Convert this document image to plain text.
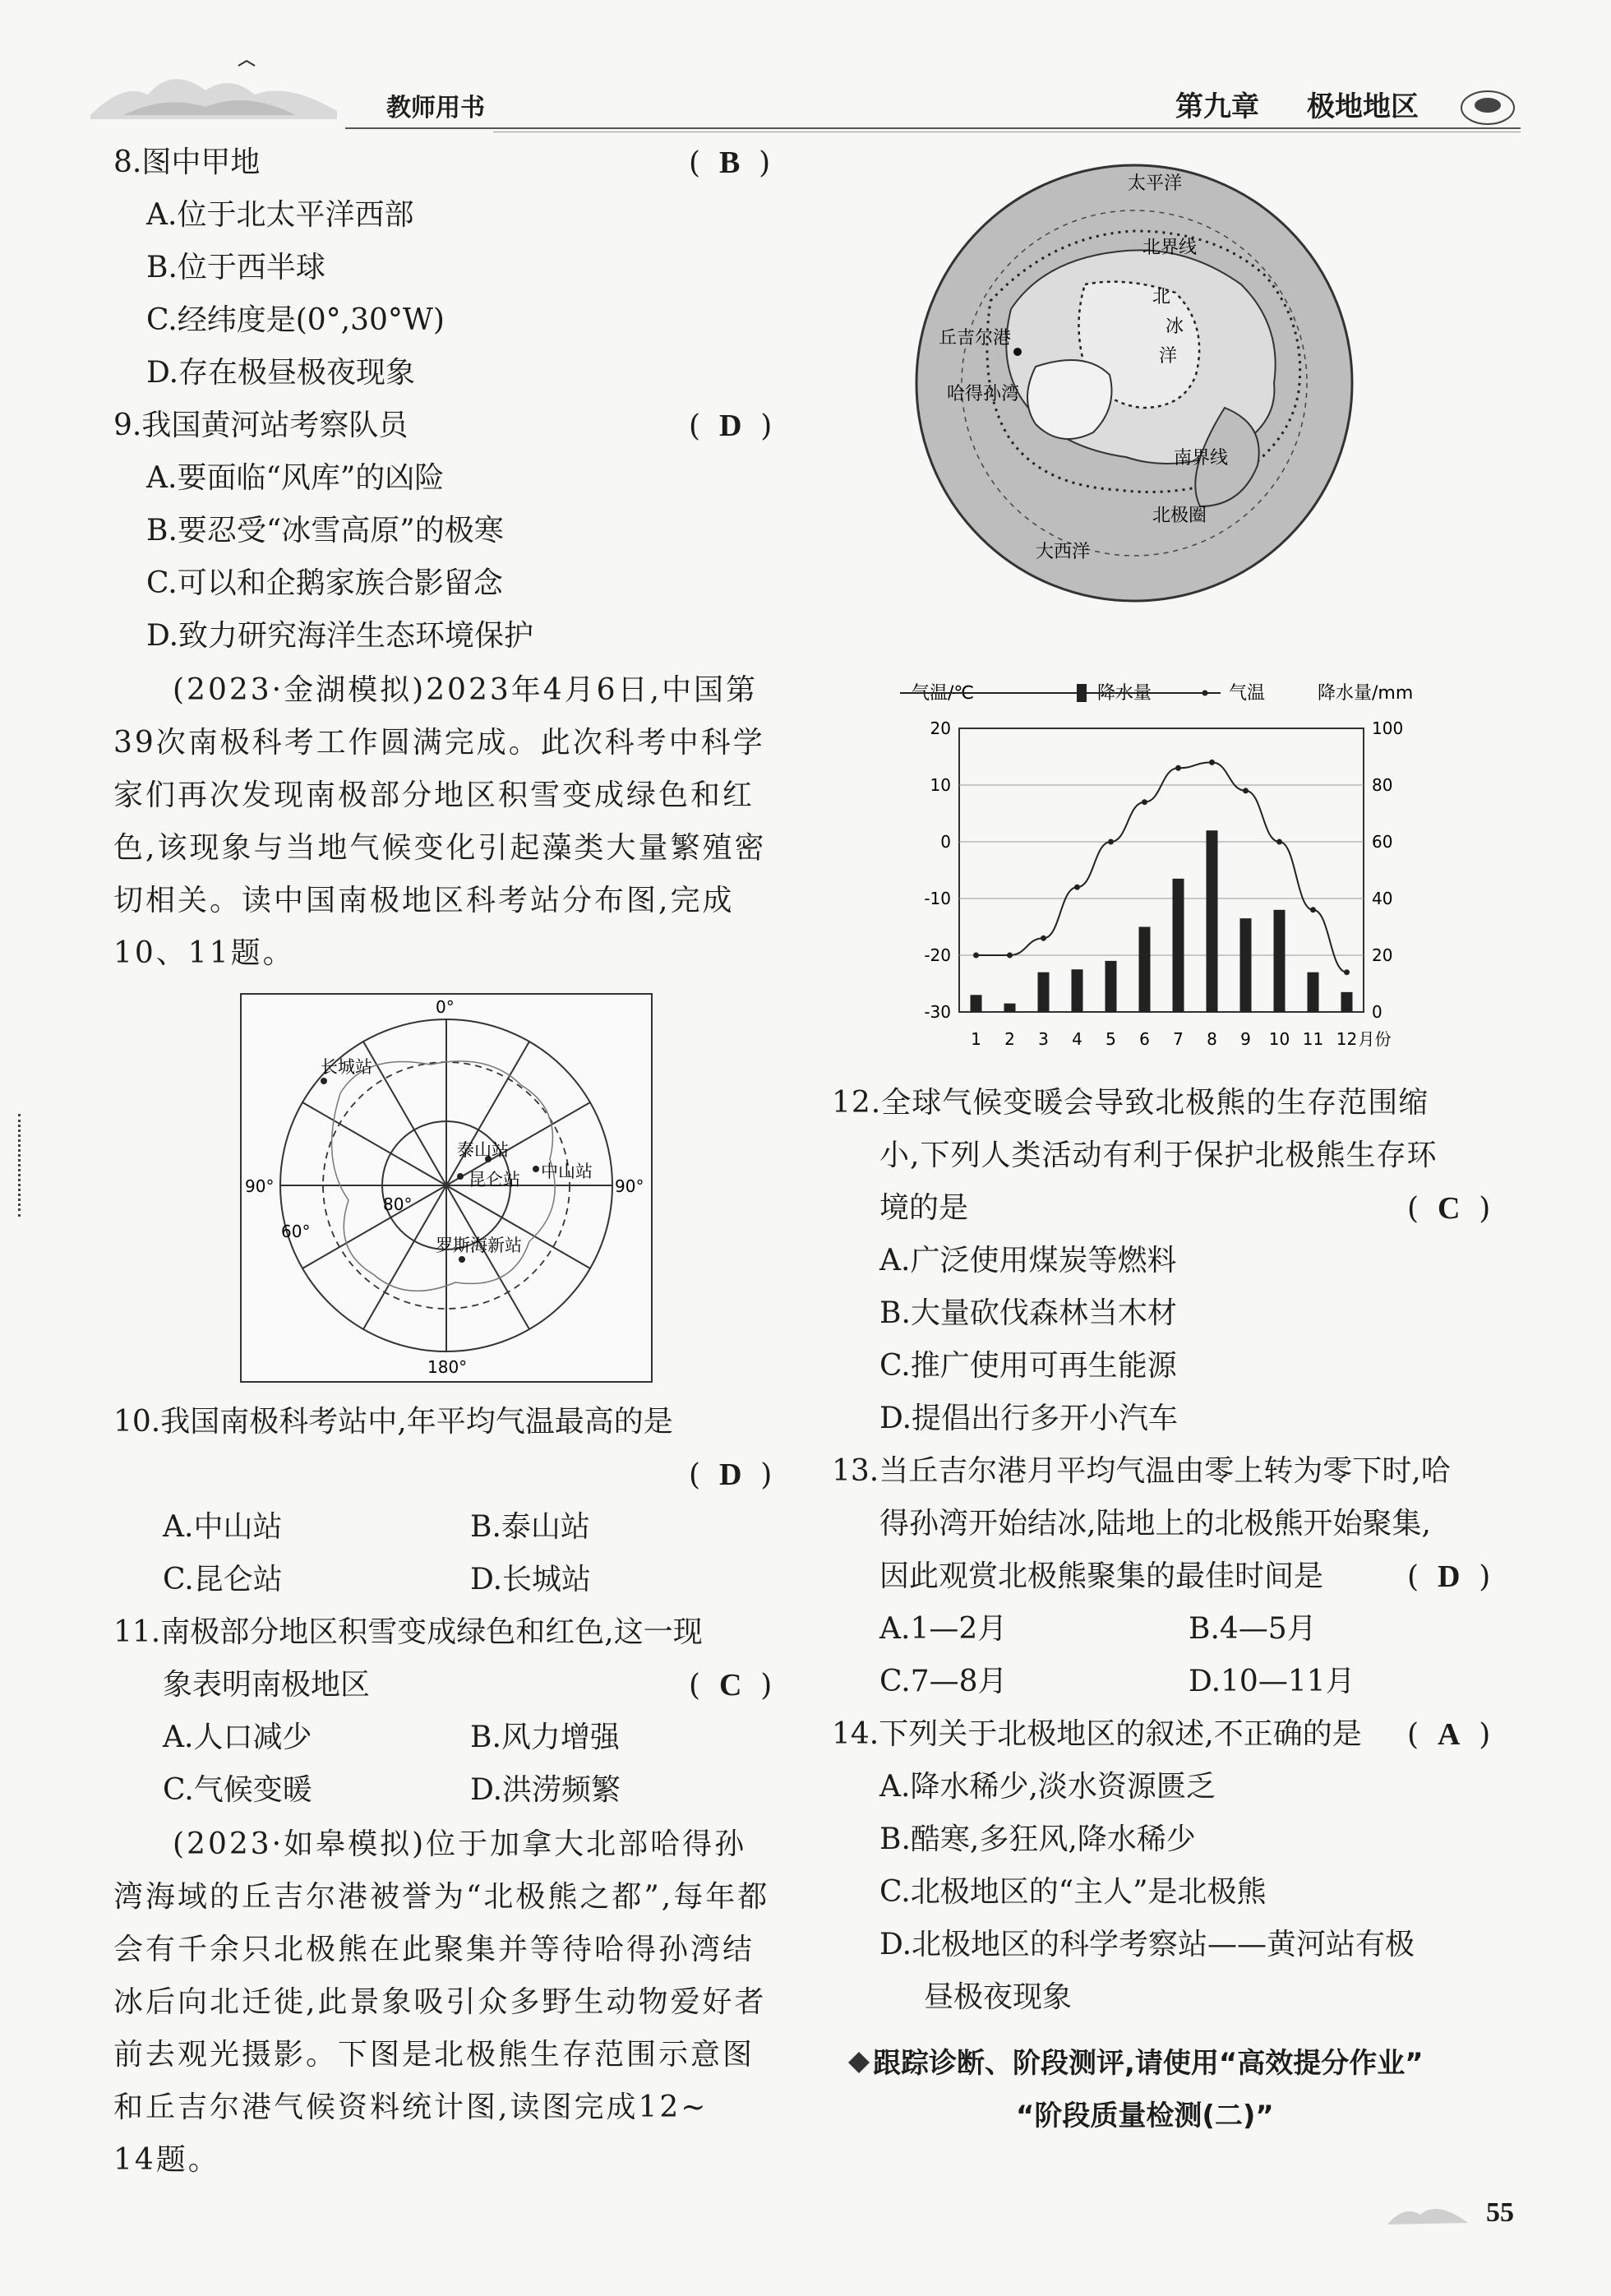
教师用书	第九章 极地地区
8.图中甲地	(  B  )
A.位于北太平洋西部
B.位于西半球
C.经纬度是(0°,30°W)
D.存在极昼极夜现象
9.我国黄河站考察队员	(  D  )
A.要面临“风库”的凶险
B.要忍受“冰雪高原”的极寒
C.可以和企鹅家族合影留念
D.致力研究海洋生态环境保护
(2023·金湖模拟)2023年4月6日,中国第
39次南极科考工作圆满完成。此次科考中科学
家们再次发现南极部分地区积雪变成绿色和红
色,该现象与当地气候变化引起藻类大量繁殖密
切相关。读中国南极地区科考站分布图,完成
10、11题。
0°
180°
90°	90°
80°
60°
长城站
泰山站
昆仑站 中山站
罗斯海新站
10.我国南极科考站中,年平均气温最高的是
(  D  )
A.中山站	B.泰山站
C.昆仑站	D.长城站
11.南极部分地区积雪变成绿色和红色,这一现
象表明南极地区	(  C  )
A.人口减少	B.风力增强
C.气候变暖	D.洪涝频繁
(2023·如皋模拟)位于加拿大北部哈得孙
湾海域的丘吉尔港被誉为“北极熊之都”,每年都
会有千余只北极熊在此聚集并等待哈得孙湾结
冰后向北迁徙,此景象吸引众多野生动物爱好者
前去观光摄影。下图是北极熊生存范围示意图
和丘吉尔港气候资料统计图,读图完成12~
14题。
太平洋
北界线
北
冰
洋
丘吉尔港
哈得孙湾
南界线
北极圈
大西洋
气温/℃	降水量	气温	降水量/mm
20	100
10	80
0	60
-10	40
-20	20
-30	0
1 2 3 4 5 6 7 8 9 10 11 12 月份
12.全球气候变暖会导致北极熊的生存范围缩
小,下列人类活动有利于保护北极熊生存环
境的是	(  C  )
A.广泛使用煤炭等燃料
B.大量砍伐森林当木材
C.推广使用可再生能源
D.提倡出行多开小汽车
13.当丘吉尔港月平均气温由零上转为零下时,哈
得孙湾开始结冰,陆地上的北极熊开始聚集,
因此观赏北极熊聚集的最佳时间是	(  D  )
A.1—2月	B.4—5月
C.7—8月	D.10—11月
14.下列关于北极地区的叙述,不正确的是 (  A  )
A.降水稀少,淡水资源匮乏
B.酷寒,多狂风,降水稀少
C.北极地区的“主人”是北极熊
D.北极地区的科学考察站——黄河站有极
昼极夜现象
跟踪诊断、阶段测评,请使用“高效提分作业”
“阶段质量检测(二)”
55
